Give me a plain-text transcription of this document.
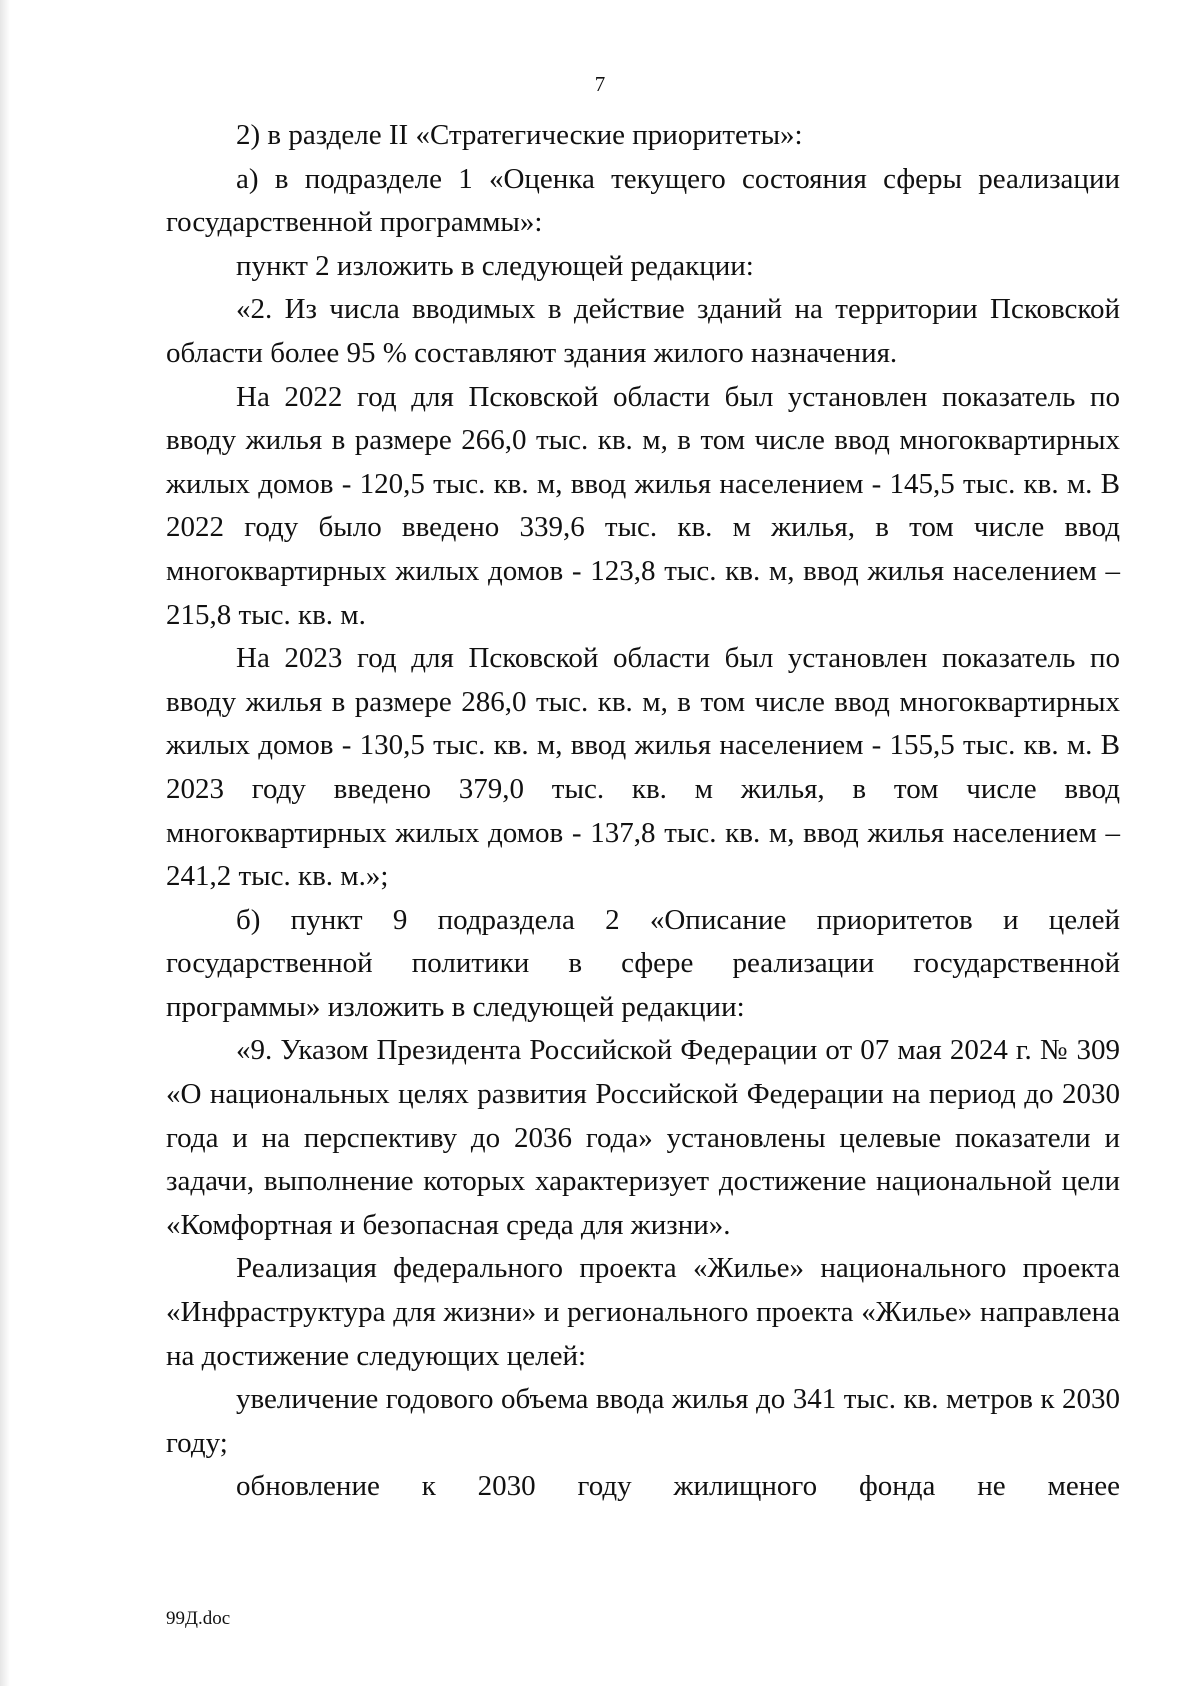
7

2) в разделе II «Стратегические приоритеты»:

а) в подразделе 1 «Оценка текущего состояния сферы реализации государственной программы»:

пункт 2 изложить в следующей редакции:

«2. Из числа вводимых в действие зданий на территории Псковской области более 95 % составляют здания жилого назначения.

На 2022 год для Псковской области был установлен показатель по вводу жилья в размере 266,0 тыс. кв. м, в том числе ввод многоквартирных жилых домов - 120,5 тыс. кв. м, ввод жилья населением - 145,5 тыс. кв. м. В 2022 году было введено 339,6 тыс. кв. м жилья, в том числе ввод многоквартирных жилых домов - 123,8 тыс. кв. м, ввод жилья населением – 215,8 тыс. кв. м.

На 2023 год для Псковской области был установлен показатель по вводу жилья в размере 286,0 тыс. кв. м, в том числе ввод многоквартирных жилых домов - 130,5 тыс. кв. м, ввод жилья населением - 155,5 тыс. кв. м. В 2023 году введено 379,0 тыс. кв. м жилья, в том числе ввод многоквартирных жилых домов - 137,8 тыс. кв. м, ввод жилья населением – 241,2 тыс. кв. м.»;

б) пункт 9 подраздела 2 «Описание приоритетов и целей государственной политики в сфере реализации государственной программы» изложить в следующей редакции:

«9. Указом Президента Российской Федерации от 07 мая 2024 г. № 309 «О национальных целях развития Российской Федерации на период до 2030 года и на перспективу до 2036 года» установлены целевые показатели и задачи, выполнение которых характеризует достижение национальной цели «Комфортная и безопасная среда для жизни».

Реализация федерального проекта «Жилье» национального проекта «Инфраструктура для жизни» и регионального проекта «Жилье» направлена на достижение следующих целей:

увеличение годового объема ввода жилья до 341 тыс. кв. метров к 2030 году;

обновление к 2030 году жилищного фонда не менее

99Д.doc
